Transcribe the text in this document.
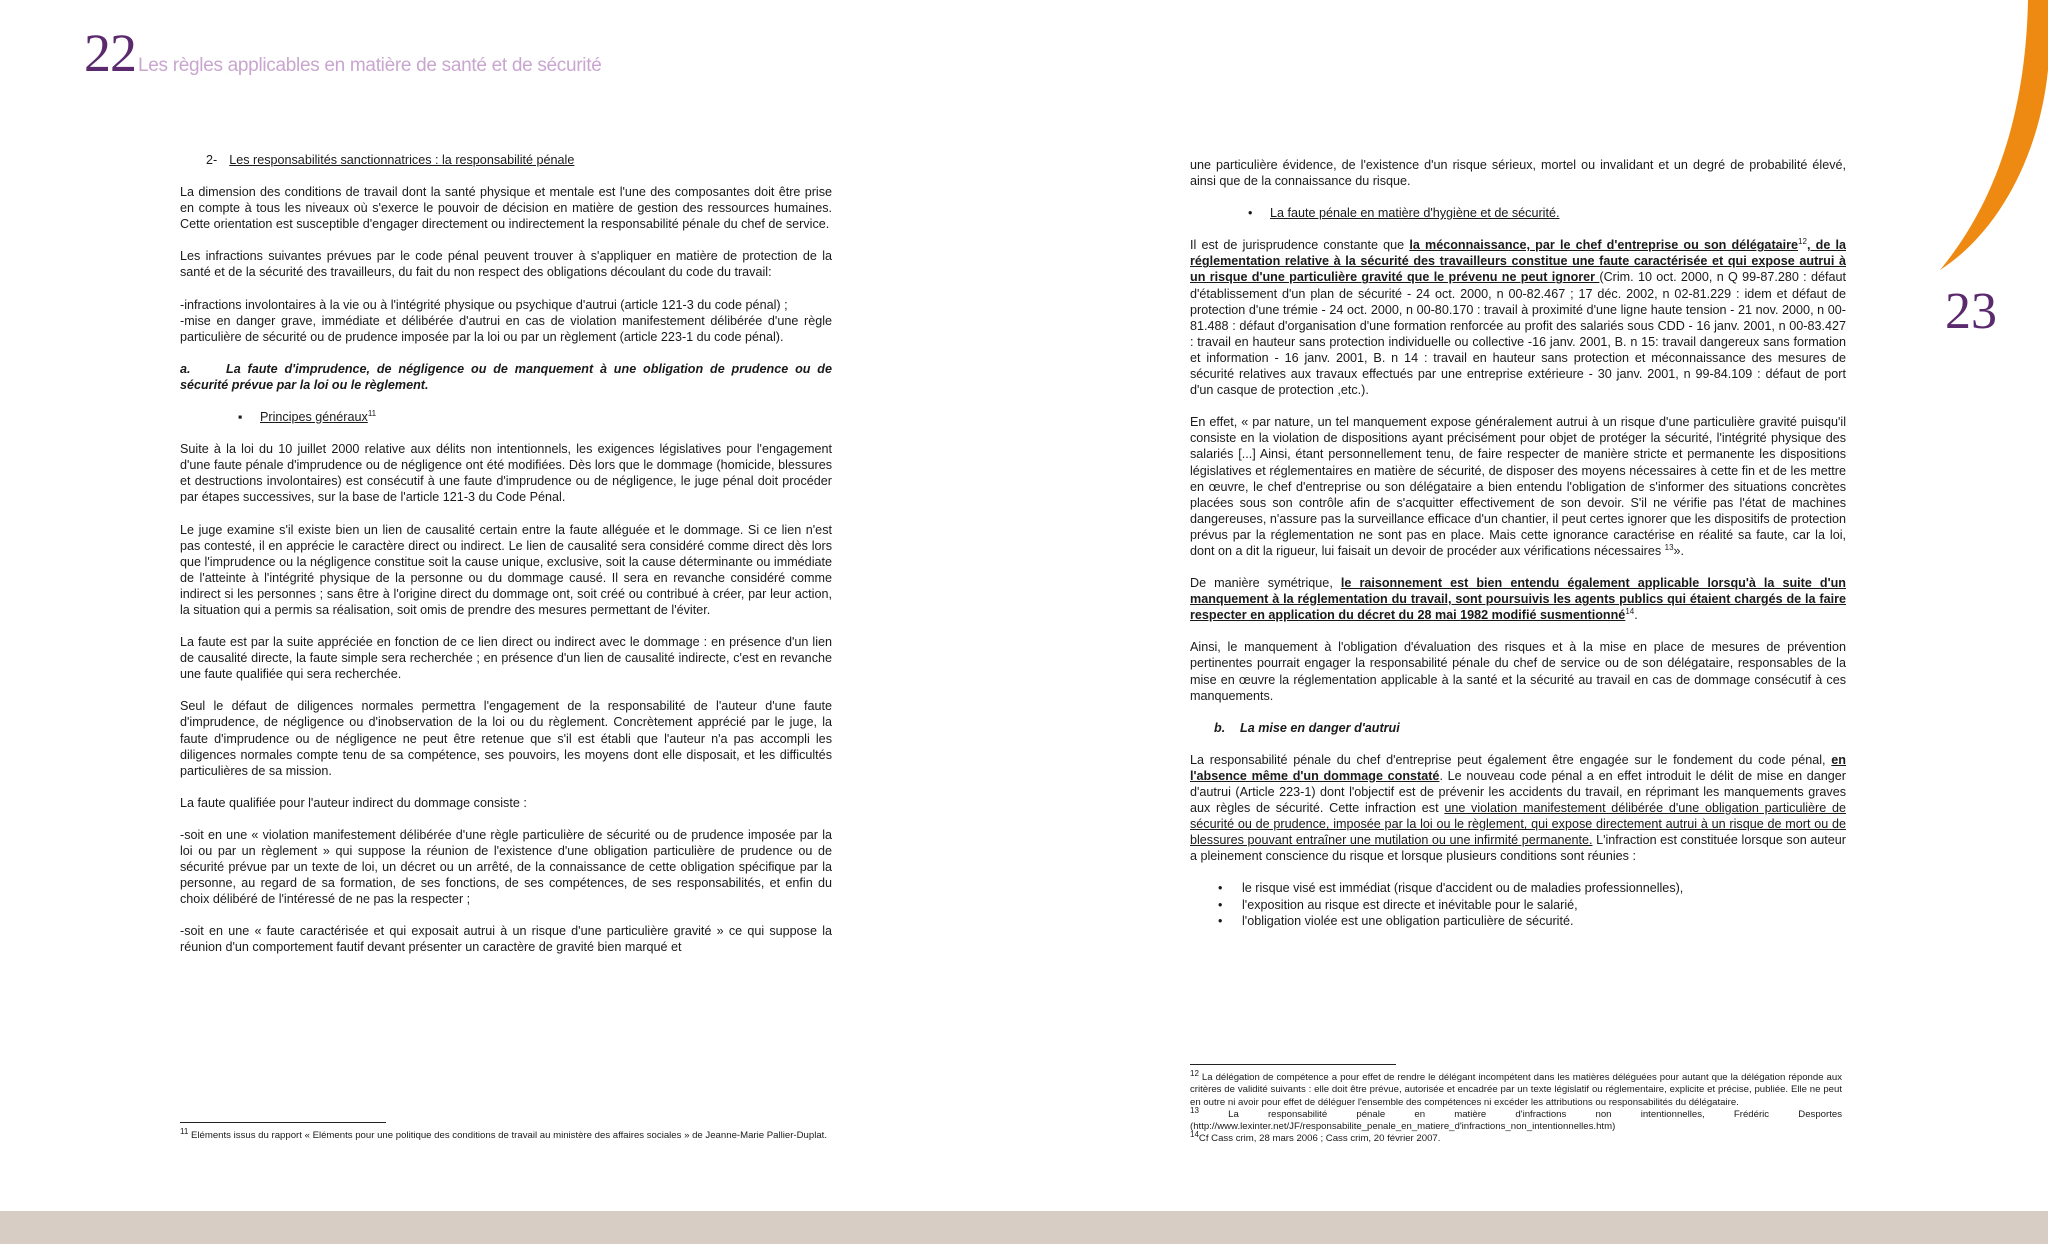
22 Les règles applicables en matière de santé et de sécurité
23

2- Les responsabilités sanctionnatrices : la responsabilité pénale

La dimension des conditions de travail dont la santé physique et mentale est l'une des composantes doit être prise en compte à tous les niveaux où s'exerce le pouvoir de décision en matière de gestion des ressources humaines. Cette orientation est susceptible d'engager directement ou indirectement la responsabilité pénale du chef de service.

Les infractions suivantes prévues par le code pénal peuvent trouver à s'appliquer en matière de protection de la santé et de la sécurité des travailleurs, du fait du non respect des obligations découlant du code du travail:

-infractions involontaires à la vie ou à l'intégrité physique ou psychique d'autrui (article 121-3 du code pénal) ;

-mise en danger grave, immédiate et délibérée d'autrui en cas de violation manifestement délibérée d'une règle particulière de sécurité ou de prudence imposée par la loi ou par un règlement (article 223-1 du code pénal).

a.	La faute d'imprudence, de négligence ou de manquement à une obligation de prudence ou de sécurité prévue par la loi ou le règlement.

▪ Principes généraux$^{11}$

Suite à la loi du 10 juillet 2000 relative aux délits non intentionnels, les exigences législatives pour l'engagement d'une faute pénale d'imprudence ou de négligence ont été modifiées. Dès lors que le dommage (homicide, blessures et destructions involontaires) est consécutif à une faute d'imprudence ou de négligence, le juge pénal doit procéder par étapes successives, sur la base de l'article 121-3 du Code Pénal.

Le juge examine s'il existe bien un lien de causalité certain entre la faute alléguée et le dommage. Si ce lien n'est pas contesté, il en apprécie le caractère direct ou indirect. Le lien de causalité sera considéré comme direct dès lors que l'imprudence ou la négligence constitue soit la cause unique, exclusive, soit la cause déterminante ou immédiate de l'atteinte à l'intégrité physique de la personne ou du dommage causé. Il sera en revanche considéré comme indirect si les personnes ; sans être à l'origine direct du dommage ont, soit créé ou contribué à créer, par leur action, la situation qui a permis sa réalisation, soit omis de prendre des mesures permettant de l'éviter.

La faute est par la suite appréciée en fonction de ce lien direct ou indirect avec le dommage : en présence d'un lien de causalité directe, la faute simple sera recherchée ; en présence d'un lien de causalité indirecte, c'est en revanche une faute qualifiée qui sera recherchée.

Seul le défaut de diligences normales permettra l'engagement de la responsabilité de l'auteur d'une faute d'imprudence, de négligence ou d'inobservation de la loi ou du règlement. Concrètement apprécié par le juge, la faute d'imprudence ou de négligence ne peut être retenue que s'il est établi que l'auteur n'a pas accompli les diligences normales compte tenu de sa compétence, ses pouvoirs, les moyens dont elle disposait, et les difficultés particulières de sa mission.

La faute qualifiée pour l'auteur indirect du dommage consiste :

-soit en une « violation manifestement délibérée d'une règle particulière de sécurité ou de prudence imposée par la loi ou par un règlement » qui suppose la réunion de l'existence d'une obligation particulière de prudence ou de sécurité prévue par un texte de loi, un décret ou un arrêté, de la connaissance de cette obligation spécifique par la personne, au regard de sa formation, de ses fonctions, de ses compétences, de ses responsabilités, et enfin du choix délibéré de l'intéressé de ne pas la respecter ;

-soit en une « faute caractérisée et qui exposait autrui à un risque d'une particulière gravité » ce qui suppose la réunion d'un comportement fautif devant présenter un caractère de gravité bien marqué et

$^{11}$ Eléments issus du rapport « Eléments pour une politique des conditions de travail au ministère des affaires sociales » de Jeanne-Marie Pallier-Duplat.

une particulière évidence, de l'existence d'un risque sérieux, mortel ou invalidant et un degré de probabilité élevé, ainsi que de la connaissance du risque.

• La faute pénale en matière d'hygiène et de sécurité.

Il est de jurisprudence constante que la méconnaissance, par le chef d'entreprise ou son délégataire$^{12}$, de la réglementation relative à la sécurité des travailleurs constitue une faute caractérisée et qui expose autrui à un risque d'une particulière gravité que le prévenu ne peut ignorer (Crim. 10 oct. 2000, n Q 99-87.280 : défaut d'établissement d'un plan de sécurité - 24 oct. 2000, n 00-82.467 ; 17 déc. 2002, n 02-81.229 : idem et défaut de protection d'une trémie - 24 oct. 2000, n 00-80.170 : travail à proximité d'une ligne haute tension - 21 nov. 2000, n 00-81.488 : défaut d'organisation d'une formation renforcée au profit des salariés sous CDD - 16 janv. 2001, n 00-83.427 : travail en hauteur sans protection individuelle ou collective -16 janv. 2001, B. n 15: travail dangereux sans formation et information - 16 janv. 2001, B. n 14 : travail en hauteur sans protection et méconnaissance des mesures de sécurité relatives aux travaux effectués par une entreprise extérieure - 30 janv. 2001, n 99-84.109 : défaut de port d'un casque de protection ,etc.).

En effet, « par nature, un tel manquement expose généralement autrui à un risque d'une particulière gravité puisqu'il consiste en la violation de dispositions ayant précisément pour objet de protéger la sécurité, l'intégrité physique des salariés [...] Ainsi, étant personnellement tenu, de faire respecter de manière stricte et permanente les dispositions législatives et réglementaires en matière de sécurité, de disposer des moyens nécessaires à cette fin et de les mettre en œuvre, le chef d'entreprise ou son délégataire a bien entendu l'obligation de s'informer des situations concrètes placées sous son contrôle afin de s'acquitter effectivement de son devoir. S'il ne vérifie pas l'état de machines dangereuses, n'assure pas la surveillance efficace d'un chantier, il peut certes ignorer que les dispositifs de protection prévus par la réglementation ne sont pas en place. Mais cette ignorance caractérise en réalité sa faute, car la loi, dont on a dit la rigueur, lui faisait un devoir de procéder aux vérifications nécessaires $^{13}$».

De manière symétrique, le raisonnement est bien entendu également applicable lorsqu'à la suite d'un manquement à la réglementation du travail, sont poursuivis les agents publics qui étaient chargés de la faire respecter en application du décret du 28 mai 1982 modifié susmentionné$^{14}$.

Ainsi, le manquement à l'obligation d'évaluation des risques et à la mise en place de mesures de prévention pertinentes pourrait engager la responsabilité pénale du chef de service ou de son délégataire, responsables de la mise en œuvre la réglementation applicable à la santé et la sécurité au travail en cas de dommage consécutif à ces manquements.

b. La mise en danger d'autrui

La responsabilité pénale du chef d'entreprise peut également être engagée sur le fondement du code pénal, en l'absence même d'un dommage constaté. Le nouveau code pénal a en effet introduit le délit de mise en danger d'autrui (Article 223-1) dont l'objectif est de prévenir les accidents du travail, en réprimant les manquements graves aux règles de sécurité. Cette infraction est une violation manifestement délibérée d'une obligation particulière de sécurité ou de prudence, imposée par la loi ou le règlement, qui expose directement autrui à un risque de mort ou de blessures pouvant entraîner une mutilation ou une infirmité permanente. L'infraction est constituée lorsque son auteur a pleinement conscience du risque et lorsque plusieurs conditions sont réunies :

• le risque visé est immédiat (risque d'accident ou de maladies professionnelles),
• l'exposition au risque est directe et inévitable pour le salarié,
• l'obligation violée est une obligation particulière de sécurité.

$^{12}$ La délégation de compétence a pour effet de rendre le délégant incompétent dans les matières déléguées pour autant que la délégation réponde aux critères de validité suivants : elle doit être prévue, autorisée et encadrée par un texte législatif ou réglementaire, explicite et précise, publiée. Elle ne peut en outre ni avoir pour effet de déléguer l'ensemble des compétences ni excéder les attributions ou responsabilités du délégataire.

$^{13}$	La responsabilité pénale en matière d'infractions non intentionnelles, Frédéric Desportes (http://www.lexinter.net/JF/responsabilite_penale_en_matiere_d'infractions_non_intentionnelles.htm)

$^{14}$Cf Cass crim, 28 mars 2006 ; Cass crim, 20 février 2007.
